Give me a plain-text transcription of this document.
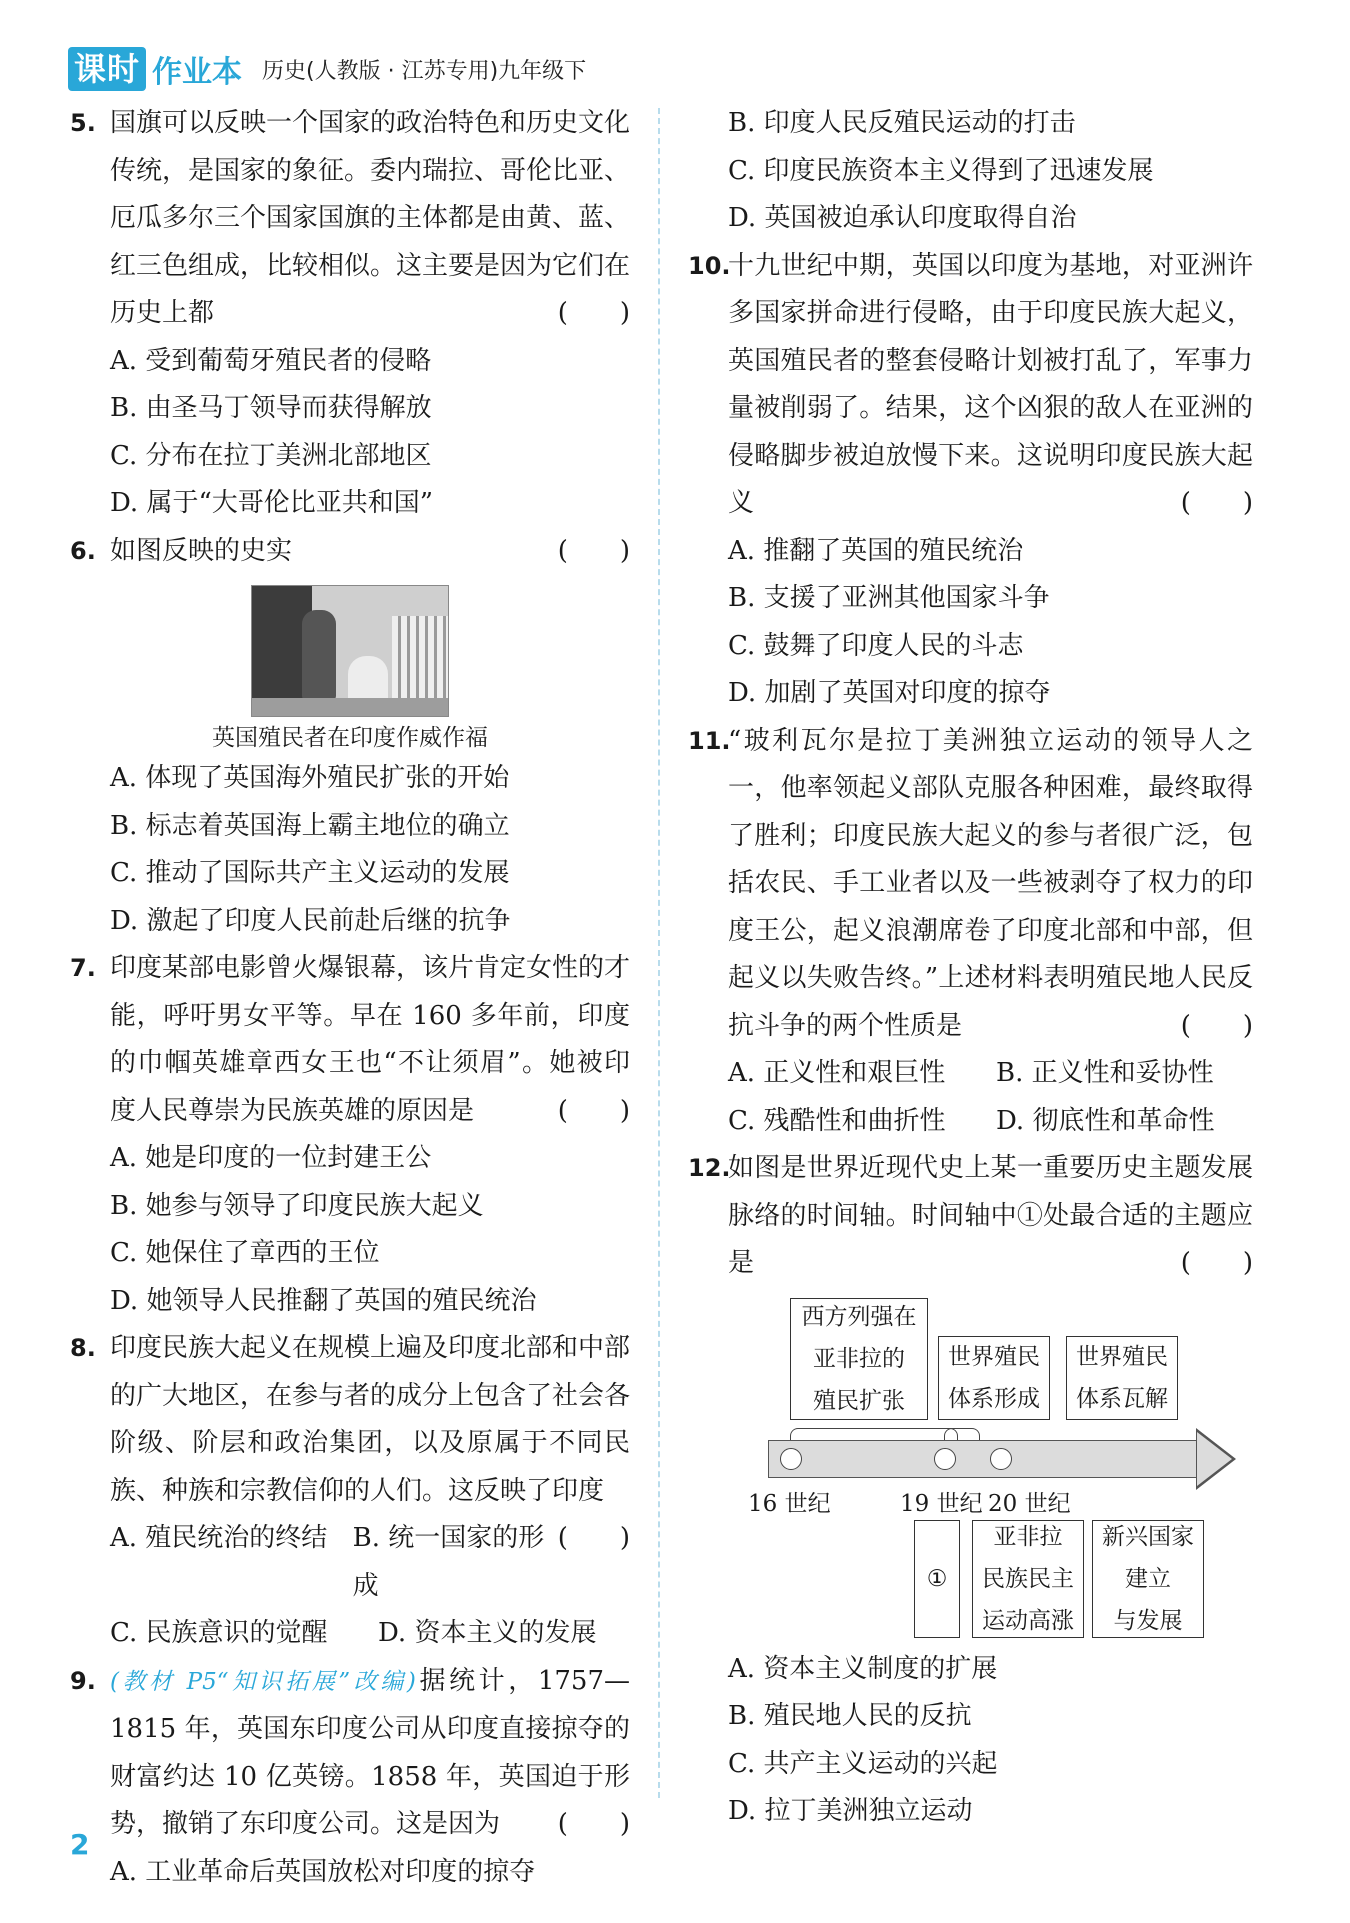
课时 作业本 历史(人教版 · 江苏专用)九年级下
5. 国旗可以反映一个国家的政治特色和历史文化传统，是国家的象征。委内瑞拉、哥伦比亚、厄瓜多尔三个国家国旗的主体都是由黄、蓝、红三色组成，比较相似。这主要是因为它们在历史上都	(　　)
A. 受到葡萄牙殖民者的侵略
B. 由圣马丁领导而获得解放
C. 分布在拉丁美洲北部地区
D. 属于“大哥伦比亚共和国”
6. 如图反映的史实	(　　)
英国殖民者在印度作威作福
A. 体现了英国海外殖民扩张的开始
B. 标志着英国海上霸主地位的确立
C. 推动了国际共产主义运动的发展
D. 激起了印度人民前赴后继的抗争
7. 印度某部电影曾火爆银幕，该片肯定女性的才能，呼吁男女平等。早在 160 多年前，印度的巾帼英雄章西女王也“不让须眉”。她被印度人民尊崇为民族英雄的原因是	(　　)
A. 她是印度的一位封建王公
B. 她参与领导了印度民族大起义
C. 她保住了章西的王位
D. 她领导人民推翻了英国的殖民统治
8. 印度民族大起义在规模上遍及印度北部和中部的广大地区，在参与者的成分上包含了社会各阶级、阶层和政治集团，以及原属于不同民族、种族和宗教信仰的人们。这反映了印度
(　　)
A. 殖民统治的终结 B. 统一国家的形成
C. 民族意识的觉醒	D. 资本主义的发展
9. (教材 P5“知识拓展”改编)据统计，1757—1815 年，英国东印度公司从印度直接掠夺的财富约达 10 亿英镑。1858 年，英国迫于形势，撤销了东印度公司。这是因为 (　　)
A. 工业革命后英国放松对印度的掠夺
B. 印度人民反殖民运动的打击
C. 印度民族资本主义得到了迅速发展
D. 英国被迫承认印度取得自治
10.
十九世纪中期，英国以印度为基地，对亚洲许多国家拼命进行侵略，由于印度民族大起义，英国殖民者的整套侵略计划被打乱了，军事力量被削弱了。结果，这个凶狠的敌人在亚洲的侵略脚步被迫放慢下来。这说明印度民族大起义	(　　)
A. 推翻了英国的殖民统治
B. 支援了亚洲其他国家斗争
C. 鼓舞了印度人民的斗志
D. 加剧了英国对印度的掠夺
11.
“玻利瓦尔是拉丁美洲独立运动的领导人之一，他率领起义部队克服各种困难，最终取得了胜利；印度民族大起义的参与者很广泛，包括农民、手工业者以及一些被剥夺了权力的印度王公，起义浪潮席卷了印度北部和中部，但起义以失败告终。”上述材料表明殖民地人民反抗斗争的两个性质是	(　　)
A. 正义性和艰巨性	B. 正义性和妥协性
C. 残酷性和曲折性	D. 彻底性和革命性
12.
如图是世界近现代史上某一重要历史主题发展脉络的时间轴。时间轴中①处最合适的主题应是	(　　)
西方列强在
亚非拉的
殖民扩张
世界殖民
体系形成
世界殖民
体系瓦解
16 世纪	19 世纪 20 世纪
①
亚非拉
民族民主
运动高涨
新兴国家
建立
与发展
A. 资本主义制度的扩展
B. 殖民地人民的反抗
C. 共产主义运动的兴起
D. 拉丁美洲独立运动
2
